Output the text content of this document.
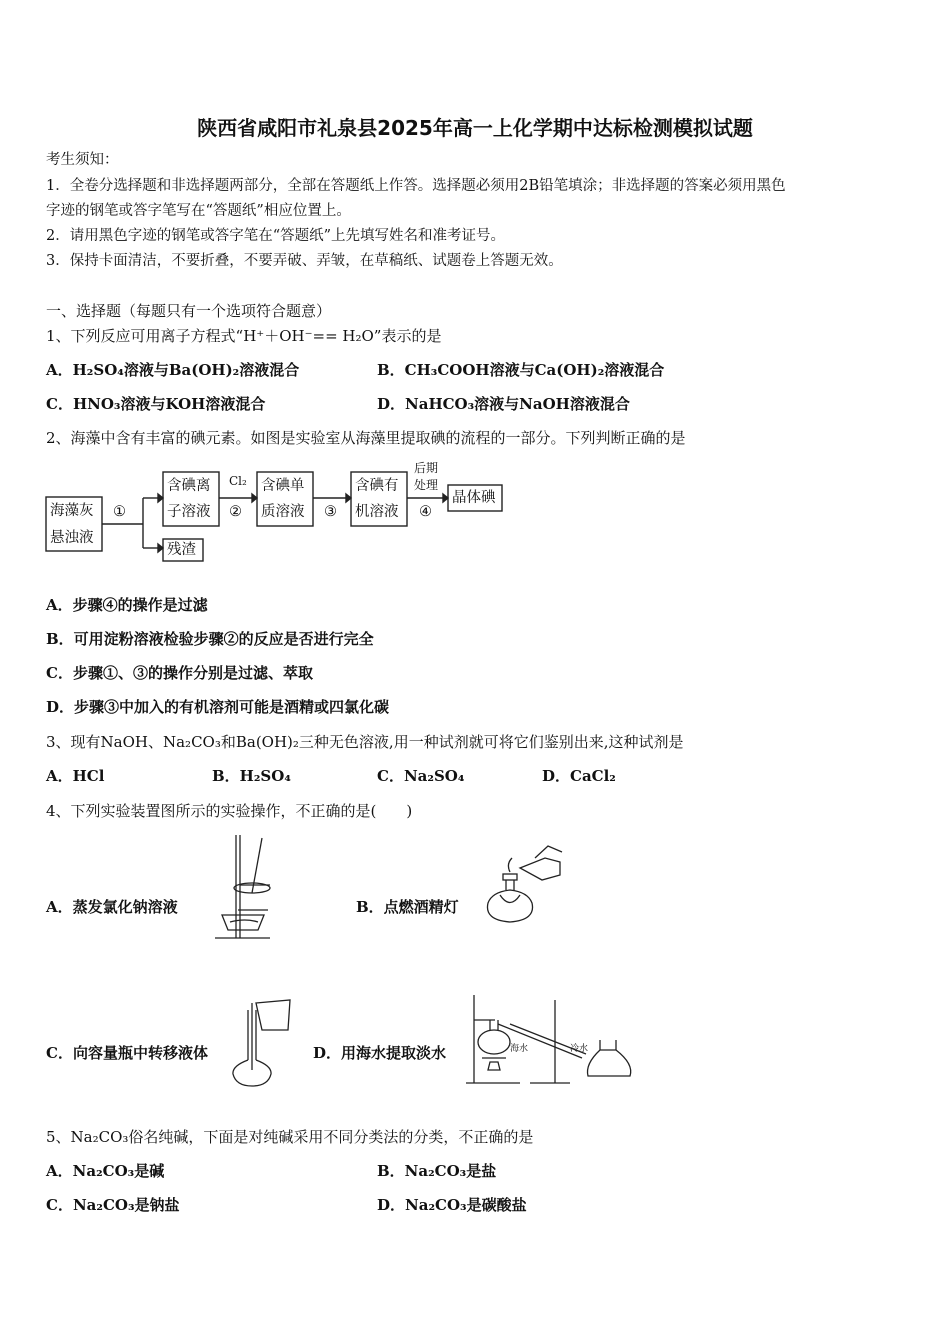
陕西省咸阳市礼泉县2025年高一上化学期中达标检测模拟试题
考生须知：
1．全卷分选择题和非选择题两部分，全部在答题纸上作答。选择题必须用2B铅笔填涂；非选择题的答案必须用黑色
字迹的钢笔或答字笔写在“答题纸”相应位置上。
2．请用黑色字迹的钢笔或答字笔在“答题纸”上先填写姓名和准考证号。
3．保持卡面清洁，不要折叠，不要弄破、弄皱，在草稿纸、试题卷上答题无效。
一、选择题（每题只有一个选项符合题意）
1、下列反应可用离子方程式“H⁺＋OH⁻== H₂O”表示的是
A．H₂SO₄溶液与Ba(OH)₂溶液混合	B．CH₃COOH溶液与Ca(OH)₂溶液混合
C．HNO₃溶液与KOH溶液混合	D．NaHCO₃溶液与NaOH溶液混合
2、海藻中含有丰富的碘元素。如图是实验室从海藻里提取碘的流程的一部分。下列判断正确的是
海藻灰
悬浊液
①
含碘离
子溶液
Cl₂
②
含碘单
质溶液 ③
含碘有
机溶液
后期
处理
④
晶体碘
残渣
A．步骤④的操作是过滤
B．可用淀粉溶液检验步骤②的反应是否进行完全
C．步骤①、③的操作分别是过滤、萃取
D．步骤③中加入的有机溶剂可能是酒精或四氯化碳
3、现有NaOH、Na₂CO₃和Ba(OH)₂三种无色溶液,用一种试剂就可将它们鉴别出来,这种试剂是
A．HCl	B．H₂SO₄	C．Na₂SO₄	D．CaCl₂
4、下列实验装置图所示的实验操作，不正确的是(　　)
海水	冷水
A．蒸发氯化钠溶液	B．点燃酒精灯
C．向容量瓶中转移液体	D．用海水提取淡水
5、Na₂CO₃俗名纯碱，下面是对纯碱采用不同分类法的分类，不正确的是
A．Na₂CO₃是碱	B．Na₂CO₃是盐
C．Na₂CO₃是钠盐	D．Na₂CO₃是碳酸盐
